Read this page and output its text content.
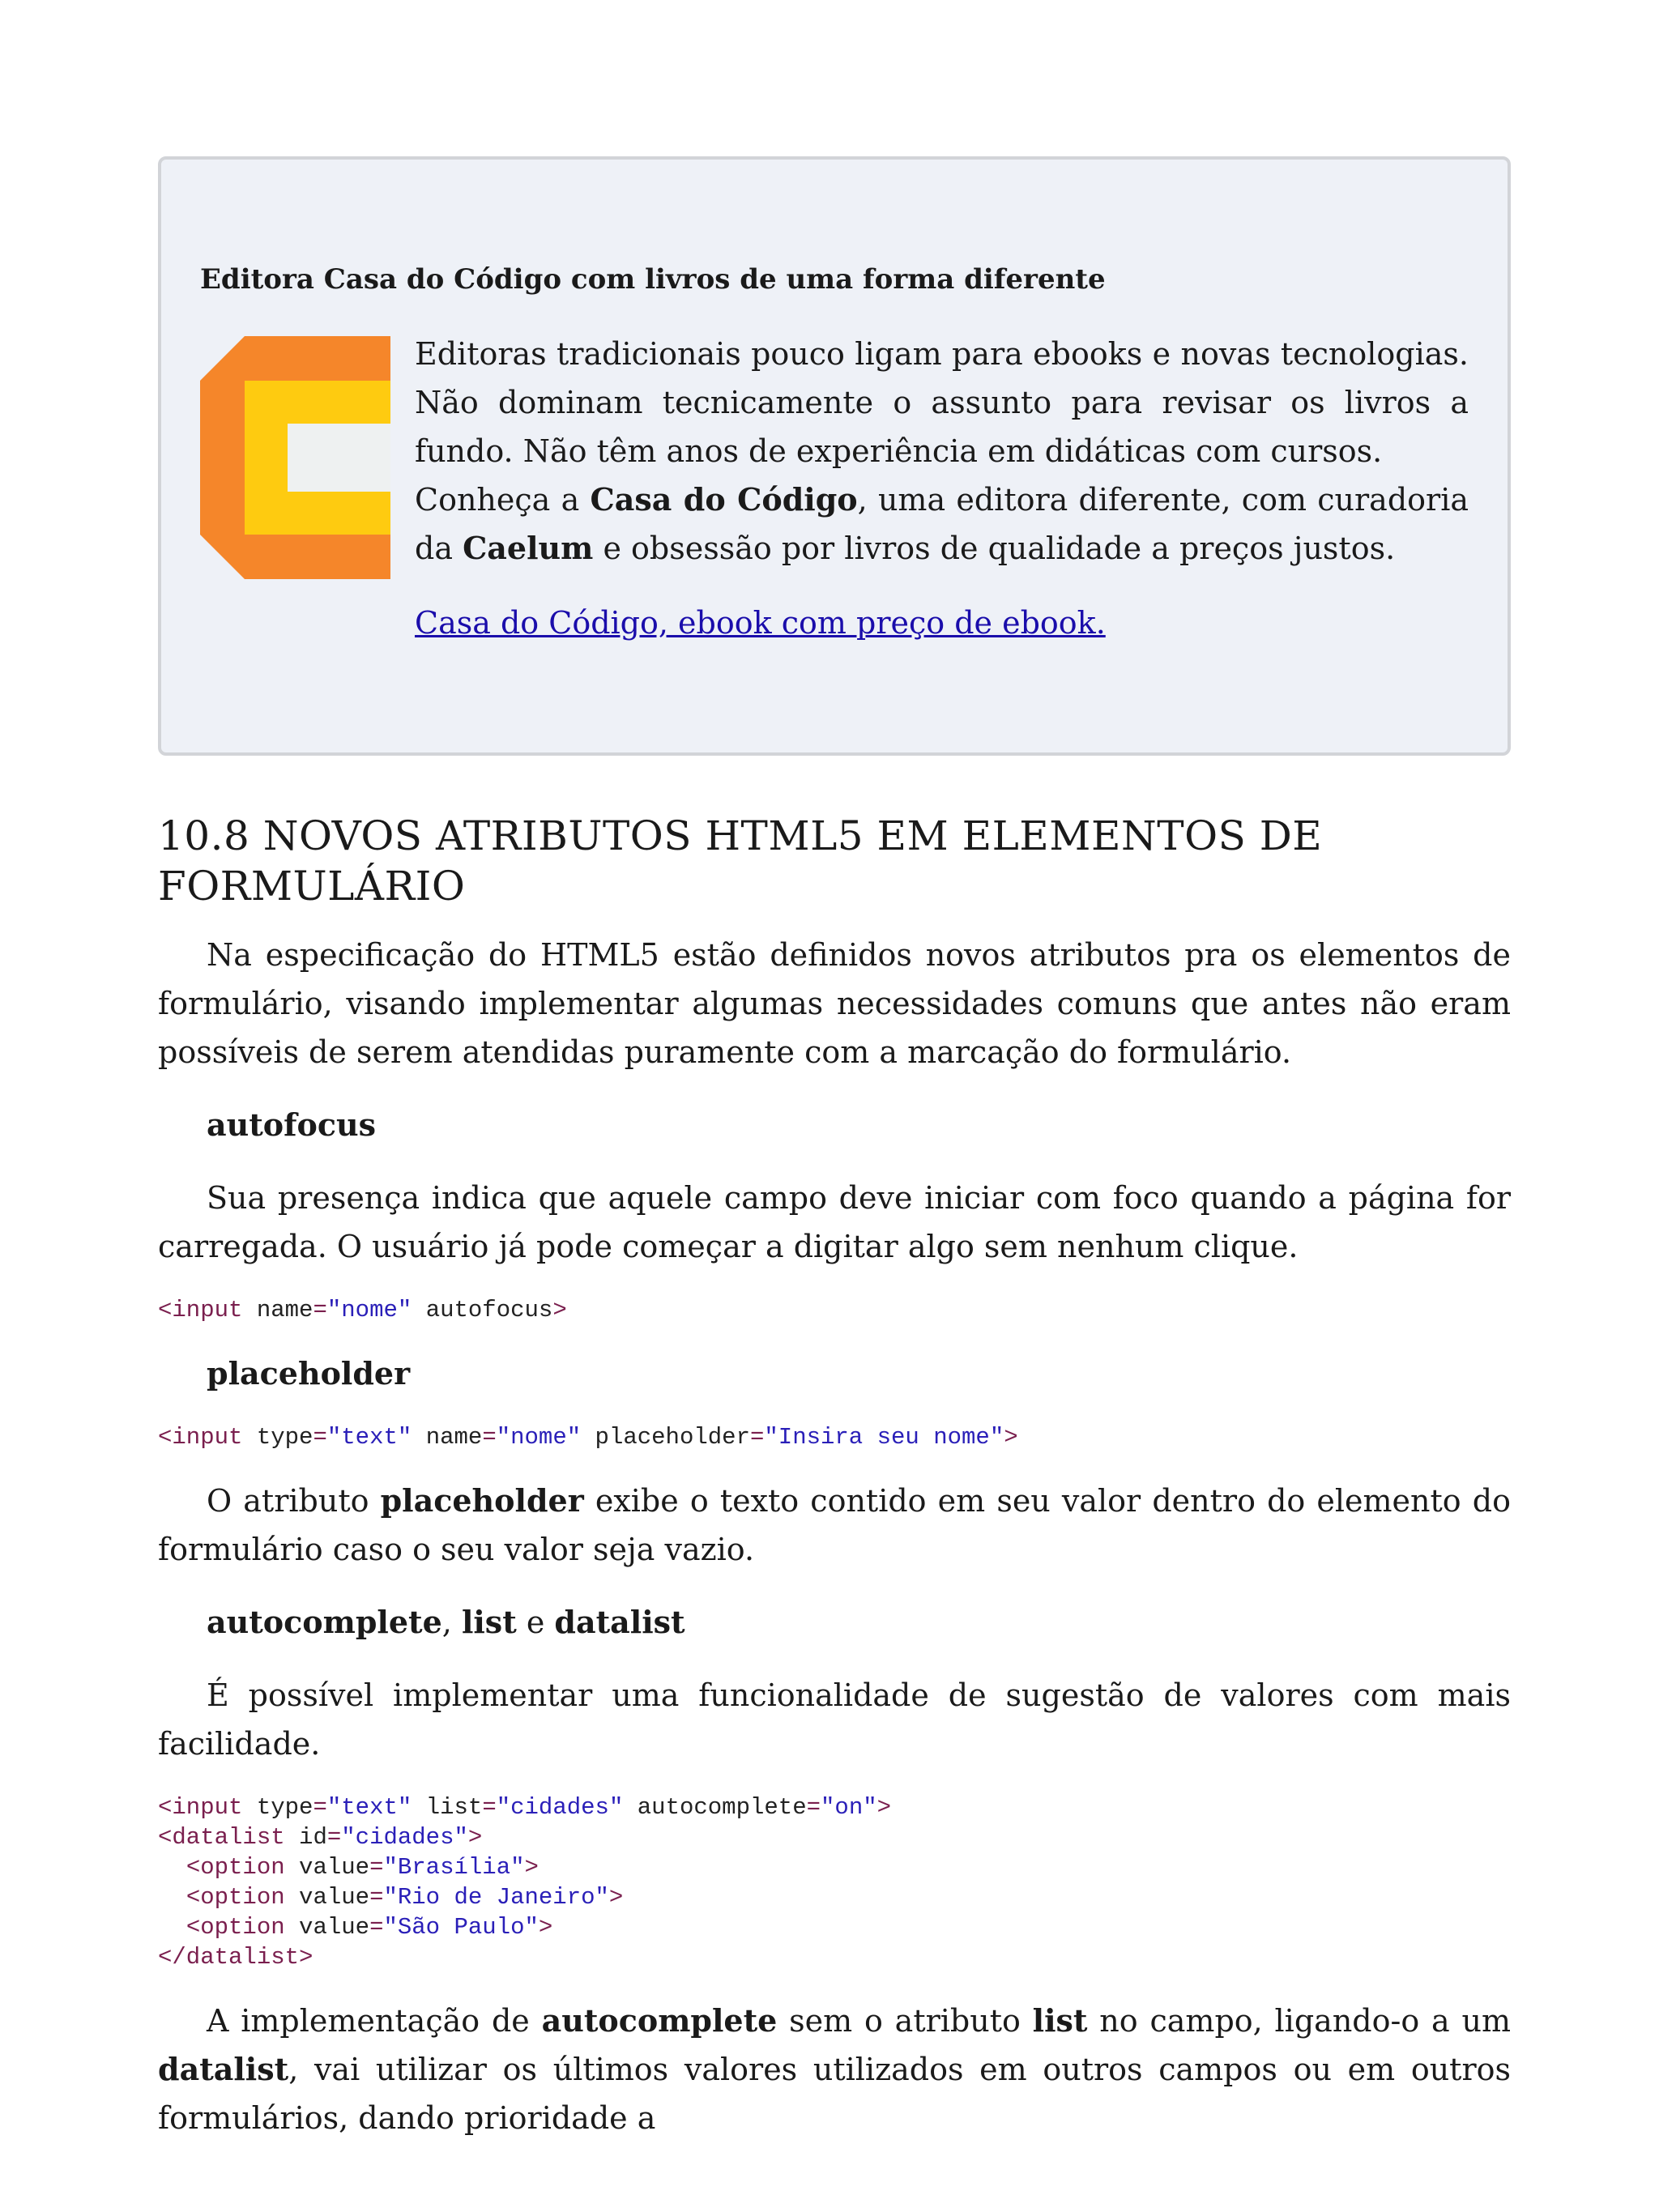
Editora Casa do Código com livros de uma forma diferente

Editoras tradicionais pouco ligam para ebooks e novas tecnologias. Não dominam tecnicamente o assunto para revisar os livros a fundo. Não têm anos de experiência em didáticas com cursos.

Conheça a Casa do Código, uma editora diferente, com curadoria da Caelum e obsessão por livros de qualidade a preços justos.

Casa do Código, ebook com preço de ebook.
10.8 NOVOS ATRIBUTOS HTML5 EM ELEMENTOS DE FORMULÁRIO

Na especificação do HTML5 estão definidos novos atributos pra os elementos de formulário, visando implementar algumas necessidades comuns que antes não eram possíveis de serem atendidas puramente com a marcação do formulário.

autofocus

Sua presença indica que aquele campo deve iniciar com foco quando a página for carregada. O usuário já pode começar a digitar algo sem nenhum clique.

<input name="nome" autofocus>
placeholder
<input type="text" name="nome" placeholder="Insira seu nome">

O atributo placeholder exibe o texto contido em seu valor dentro do elemento do formulário caso o seu valor seja vazio.

autocomplete, list e datalist

É possível implementar uma funcionalidade de sugestão de valores com mais facilidade.

<input type="text" list="cidades" autocomplete="on">
<datalist id="cidades">
<option value="Brasília">
<option value="Rio de Janeiro">
<option value="São Paulo">
</datalist>

A implementação de autocomplete sem o atributo list no campo, ligando-o a um datalist, vai utilizar os últimos valores utilizados em outros campos ou em outros formulários, dando prioridade a
